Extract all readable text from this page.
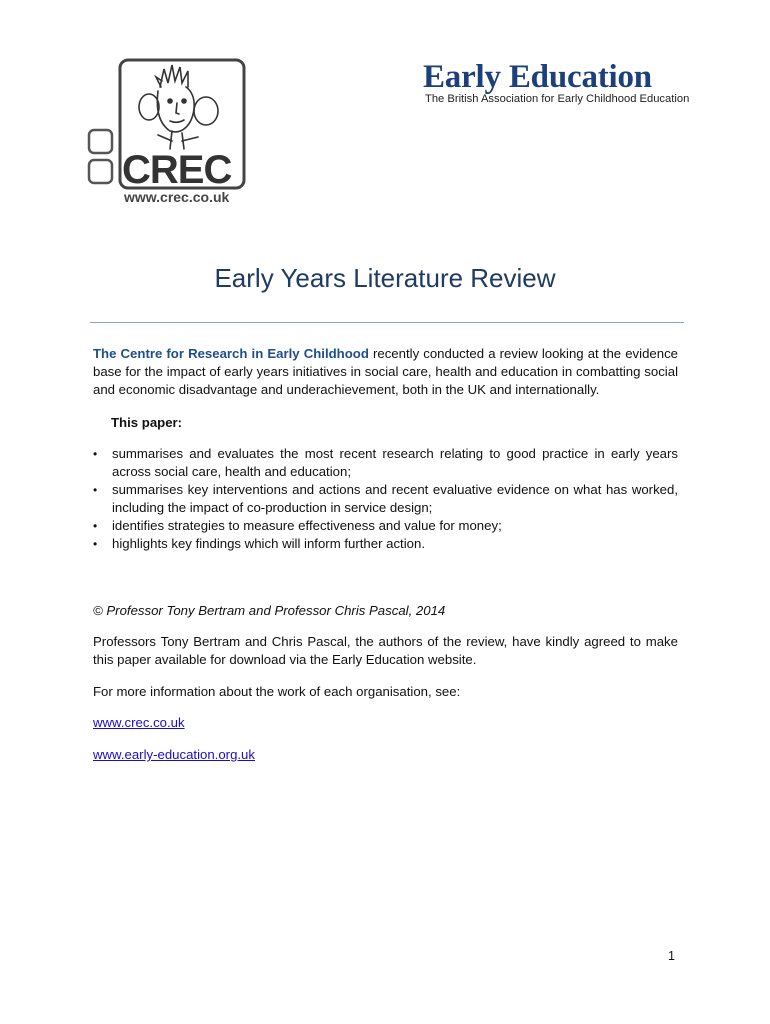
CREC
www.crec.co.uk
Early Education
The British Association for Early Childhood Education
Early Years Literature Review

The Centre for Research in Early Childhood recently conducted a review looking at the evidence base for the impact of early years initiatives in social care, health and education in combatting social and economic disadvantage and underachievement, both in the UK and internationally.

This paper:

•	summarises and evaluates the most recent research relating to good practice in early years across social care, health and education;
•	summarises key interventions and actions and recent evaluative evidence on what has worked, including the impact of co-production in service design;
•	identifies strategies to measure effectiveness and value for money;
•	highlights key findings which will inform further action.

© Professor Tony Bertram and Professor Chris Pascal, 2014

Professors Tony Bertram and Chris Pascal, the authors of the review, have kindly agreed to make this paper available for download via the Early Education website.

For more information about the work of each organisation, see:

www.crec.co.uk
www.early-education.org.uk
1
